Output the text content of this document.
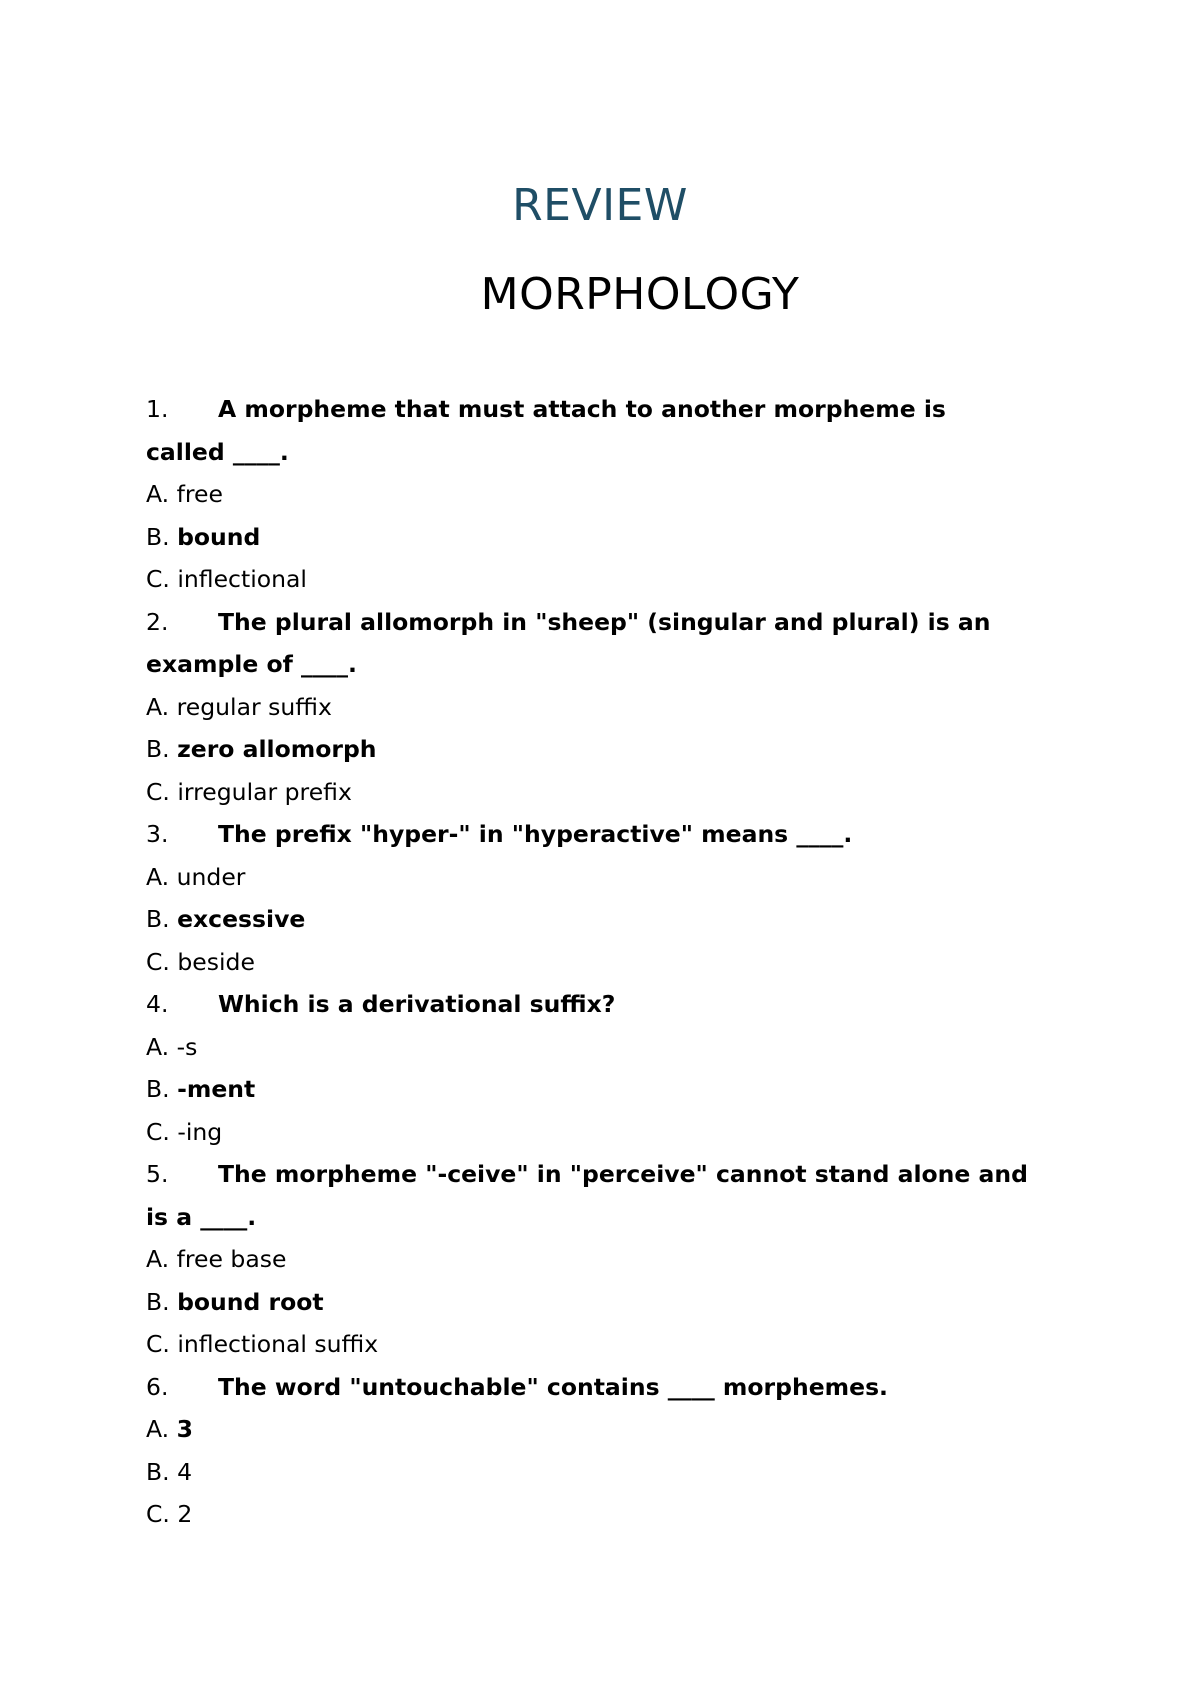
REVIEW
MORPHOLOGY
1. A morpheme that must attach to another morpheme is
called ____.
A. free
B. bound
C. inflectional
2. The plural allomorph in "sheep" (singular and plural) is an
example of ____.
A. regular suffix
B. zero allomorph
C. irregular prefix
3. The prefix "hyper-" in "hyperactive" means ____.
A. under
B. excessive
C. beside
4. Which is a derivational suffix?
A. -s
B. -ment
C. -ing
5. The morpheme "-ceive" in "perceive" cannot stand alone and
is a ____.
A. free base
B. bound root
C. inflectional suffix
6. The word "untouchable" contains ____ morphemes.
A. 3
B. 4
C. 2
